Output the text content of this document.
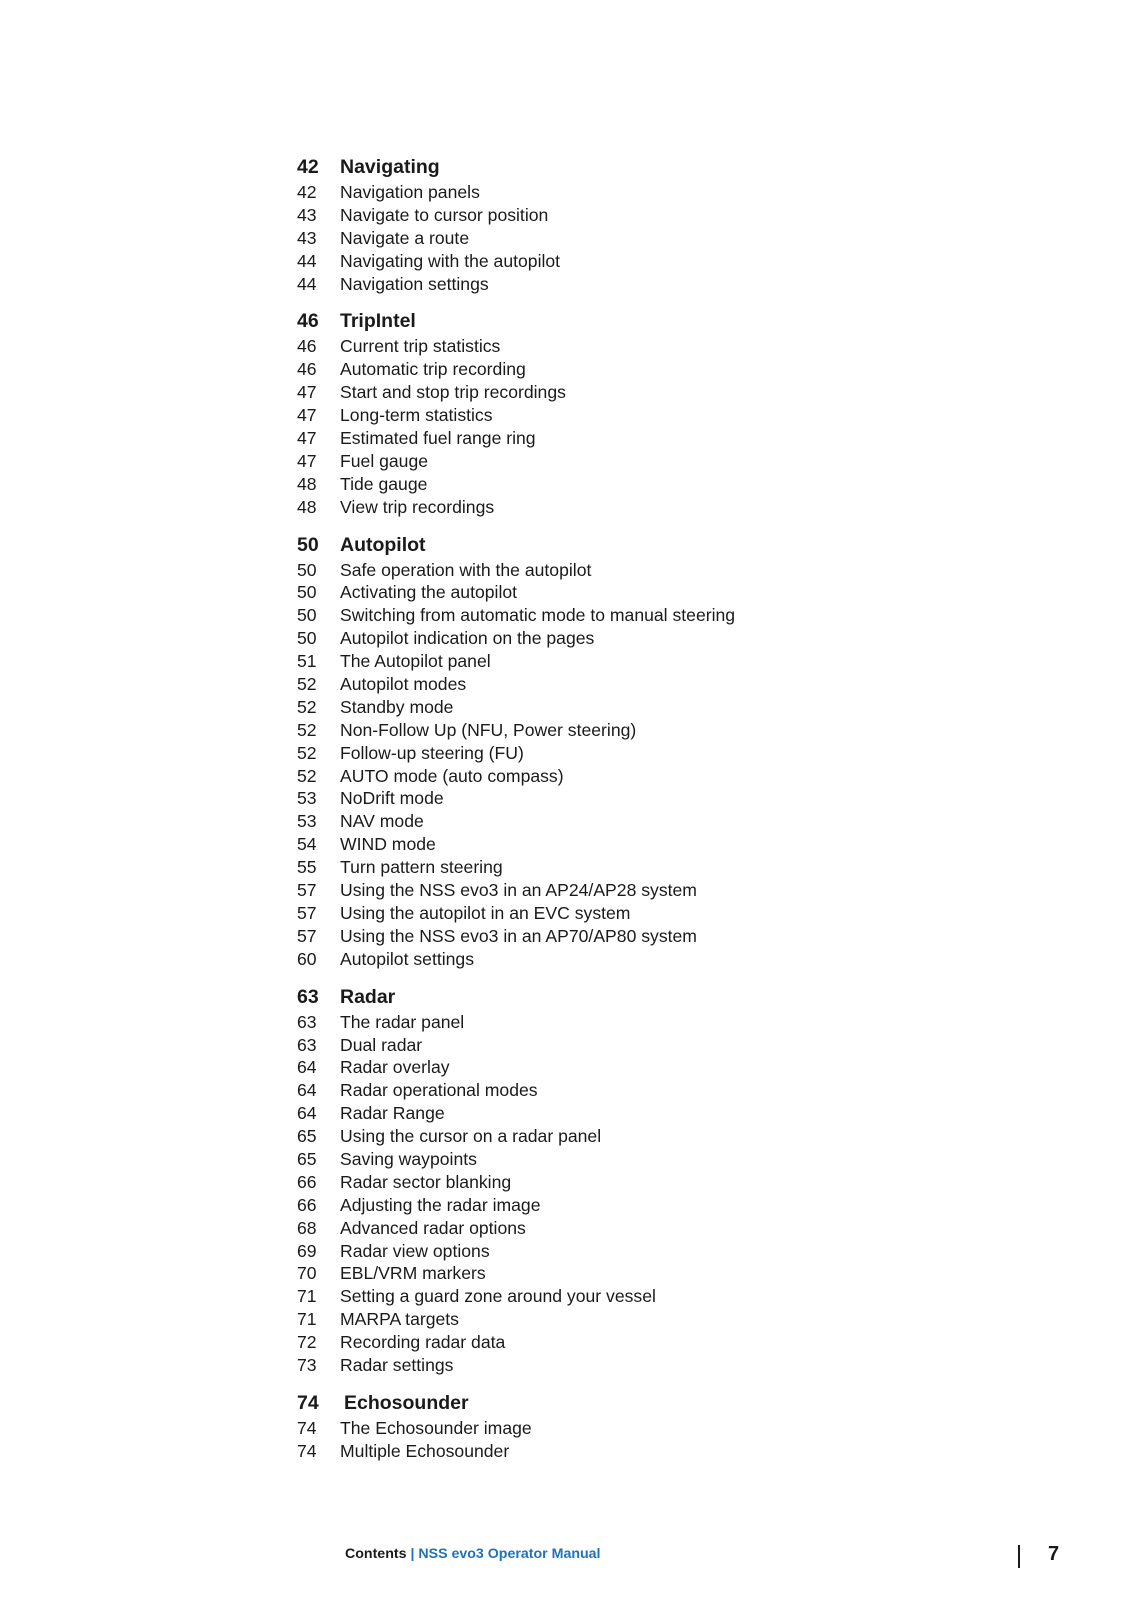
42	Navigating
42	Navigation panels
43	Navigate to cursor position
43	Navigate a route
44	Navigating with the autopilot
44	Navigation settings
46	TripIntel
46	Current trip statistics
46	Automatic trip recording
47	Start and stop trip recordings
47	Long-term statistics
47	Estimated fuel range ring
47	Fuel gauge
48	Tide gauge
48	View trip recordings
50	Autopilot
50	Safe operation with the autopilot
50	Activating the autopilot
50	Switching from automatic mode to manual steering
50	Autopilot indication on the pages
51	The Autopilot panel
52	Autopilot modes
52	Standby mode
52	Non-Follow Up (NFU, Power steering)
52	Follow-up steering (FU)
52	AUTO mode (auto compass)
53	NoDrift mode
53	NAV mode
54	WIND mode
55	Turn pattern steering
57	Using the NSS evo3 in an AP24/AP28 system
57	Using the autopilot in an EVC system
57	Using the NSS evo3 in an AP70/AP80 system
60	Autopilot settings
63	Radar
63	The radar panel
63	Dual radar
64	Radar overlay
64	Radar operational modes
64	Radar Range
65	Using the cursor on a radar panel
65	Saving waypoints
66	Radar sector blanking
66	Adjusting the radar image
68	Advanced radar options
69	Radar view options
70	EBL/VRM markers
71	Setting a guard zone around your vessel
71	MARPA targets
72	Recording radar data
73	Radar settings
74	Echosounder
74	The Echosounder image
74	Multiple Echosounder
Contents | NSS evo3 Operator Manual	7
